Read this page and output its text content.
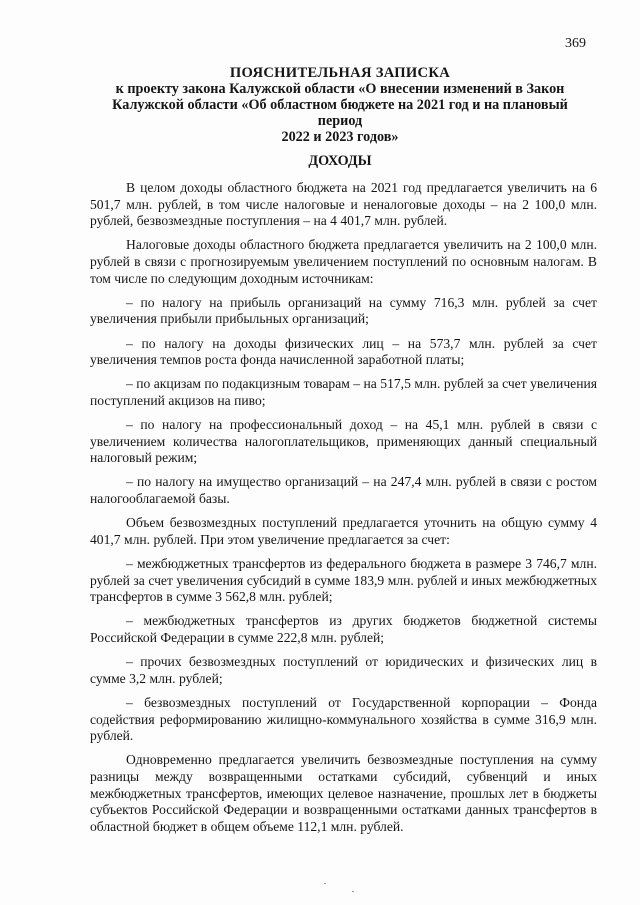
369
ПОЯСНИТЕЛЬНАЯ ЗАПИСКА
к проекту закона Калужской области «О внесении изменений в Закон
Калужской области «Об областном бюджете на 2021 год и на плановый период
2022 и 2023 годов»
ДОХОДЫ

В целом доходы областного бюджета на 2021 год предлагается увеличить на 6 501,7 млн. рублей, в том числе налоговые и неналоговые доходы – на 2 100,0 млн. рублей, безвозмездные поступления – на 4 401,7 млн. рублей.

Налоговые доходы областного бюджета предлагается увеличить на 2 100,0 млн. рублей в связи с прогнозируемым увеличением поступлений по основным налогам. В том числе по следующим доходным источникам:

– по налогу на прибыль организаций на сумму 716,3 млн. рублей за счет увеличения прибыли прибыльных организаций;

– по налогу на доходы физических лиц – на 573,7 млн. рублей за счет увеличения темпов роста фонда начисленной заработной платы;

– по акцизам по подакцизным товарам – на 517,5 млн. рублей за счет увеличения поступлений акцизов на пиво;

– по налогу на профессиональный доход – на 45,1 млн. рублей в связи с увеличением количества налогоплательщиков, применяющих данный специальный налоговый режим;

– по налогу на имущество организаций – на 247,4 млн. рублей в связи с ростом налогооблагаемой базы.

Объем безвозмездных поступлений предлагается уточнить на общую сумму 4 401,7 млн. рублей. При этом увеличение предлагается за счет:

– межбюджетных трансфертов из федерального бюджета в размере 3 746,7 млн. рублей за счет увеличения субсидий в сумме 183,9 млн. рублей и иных межбюджетных трансфертов в сумме 3 562,8 млн. рублей;

– межбюджетных трансфертов из других бюджетов бюджетной системы Российской Федерации в сумме 222,8 млн. рублей;

– прочих безвозмездных поступлений от юридических и физических лиц в сумме 3,2 млн. рублей;

– безвозмездных поступлений от Государственной корпорации – Фонда содействия реформированию жилищно-коммунального хозяйства в сумме 316,9 млн. рублей.

Одновременно предлагается увеличить безвозмездные поступления на сумму разницы между возвращенными остатками субсидий, субвенций и иных межбюджетных трансфертов, имеющих целевое назначение, прошлых лет в бюджеты субъектов Российской Федерации и возвращенными остатками данных трансфертов в областной бюджет в общем объеме 112,1 млн. рублей.
